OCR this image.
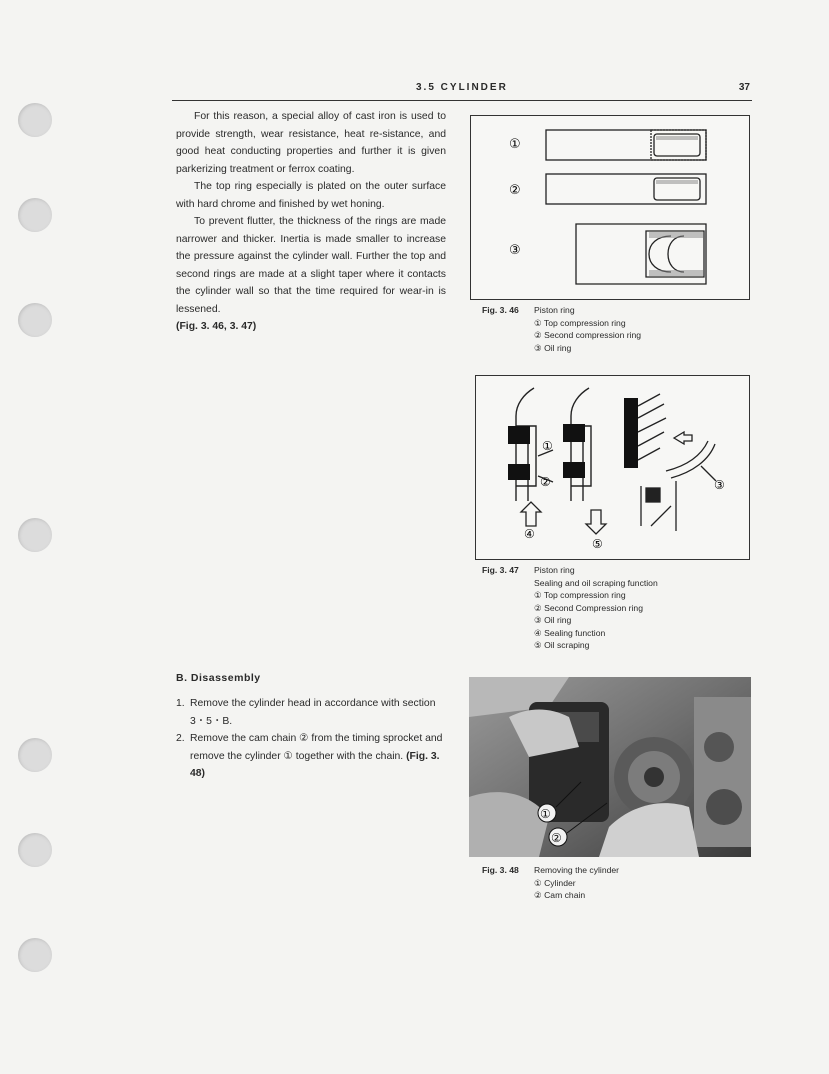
3.5 CYLINDER	37

For this reason, a special alloy of cast iron is used to provide strength, wear resistance, heat re-sistance, and good heat conducting properties and further it is given parkerizing treatment or ferrox coating.

The top ring especially is plated on the outer surface with hard chrome and finished by wet honing.

To prevent flutter, the thickness of the rings are made narrower and thicker. Inertia is made smaller to increase the pressure against the cylinder wall. Further the top and second rings are made at a slight taper where it contacts the cylinder wall so that the time required for wear-in is lessened.
(Fig. 3. 46, 3. 47)

①
②
③
Fig. 3. 46 Piston ring
① Top compression ring
② Second compression ring
③ Oil ring
①
②	③
④
⑤
Fig. 3. 47 Piston ring
Sealing and oil scraping function
① Top compression ring
② Second Compression ring
③ Oil ring
④ Sealing function
⑤ Oil scraping
B. Disassembly
1. Remove the cylinder head in accordance with section 3・5・B.
2. Remove the cam chain ② from the timing sprocket and remove the cylinder ① together with the chain. (Fig. 3. 48)
①
②
Fig. 3. 48 Removing the cylinder
① Cylinder
② Cam chain
